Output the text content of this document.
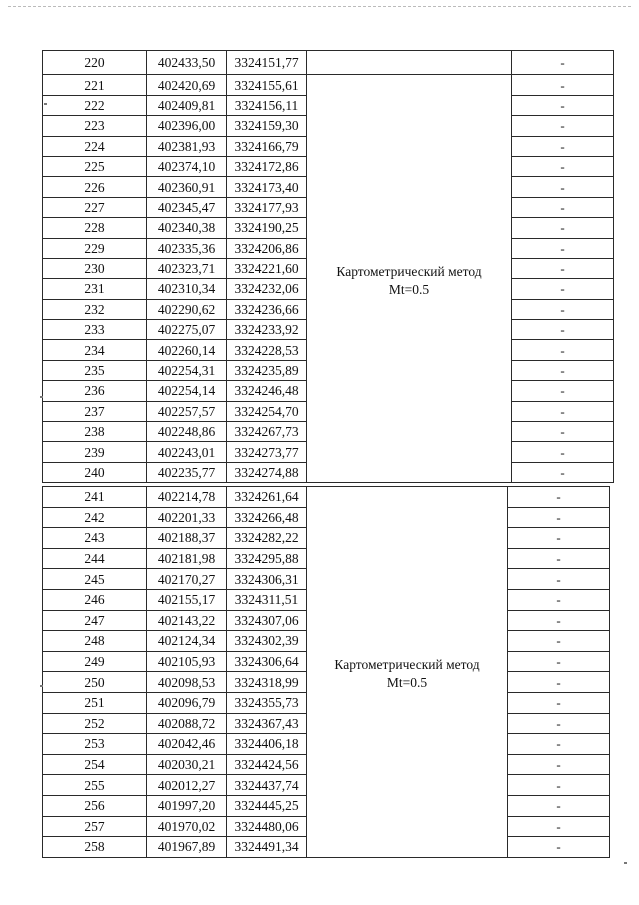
220	402433,50	3324151,77		-
221	402420,69	3324155,61	Картометрический метод
Mt=0.5	-
222	402409,81	3324156,11		-
223	402396,00	3324159,30		-
224	402381,93	3324166,79		-
225	402374,10	3324172,86		-
226	402360,91	3324173,40		-
227	402345,47	3324177,93		-
228	402340,38	3324190,25		-
229	402335,36	3324206,86		-
230	402323,71	3324221,60		-
231	402310,34	3324232,06		-
232	402290,62	3324236,66		-
233	402275,07	3324233,92		-
234	402260,14	3324228,53		-
235	402254,31	3324235,89		-
236	402254,14	3324246,48		-
237	402257,57	3324254,70		-
238	402248,86	3324267,73		-
239	402243,01	3324273,77		-
240	402235,77	3324274,88		-
241	402214,78	3324261,64	Картометрический метод
Mt=0.5	-
242	402201,33	3324266,48		-
243	402188,37	3324282,22		-
244	402181,98	3324295,88		-
245	402170,27	3324306,31		-
246	402155,17	3324311,51		-
247	402143,22	3324307,06		-
248	402124,34	3324302,39		-
249	402105,93	3324306,64		-
250	402098,53	3324318,99		-
251	402096,79	3324355,73		-
252	402088,72	3324367,43		-
253	402042,46	3324406,18		-
254	402030,21	3324424,56		-
255	402012,27	3324437,74		-
256	401997,20	3324445,25		-
257	401970,02	3324480,06		-
258	401967,89	3324491,34		-
